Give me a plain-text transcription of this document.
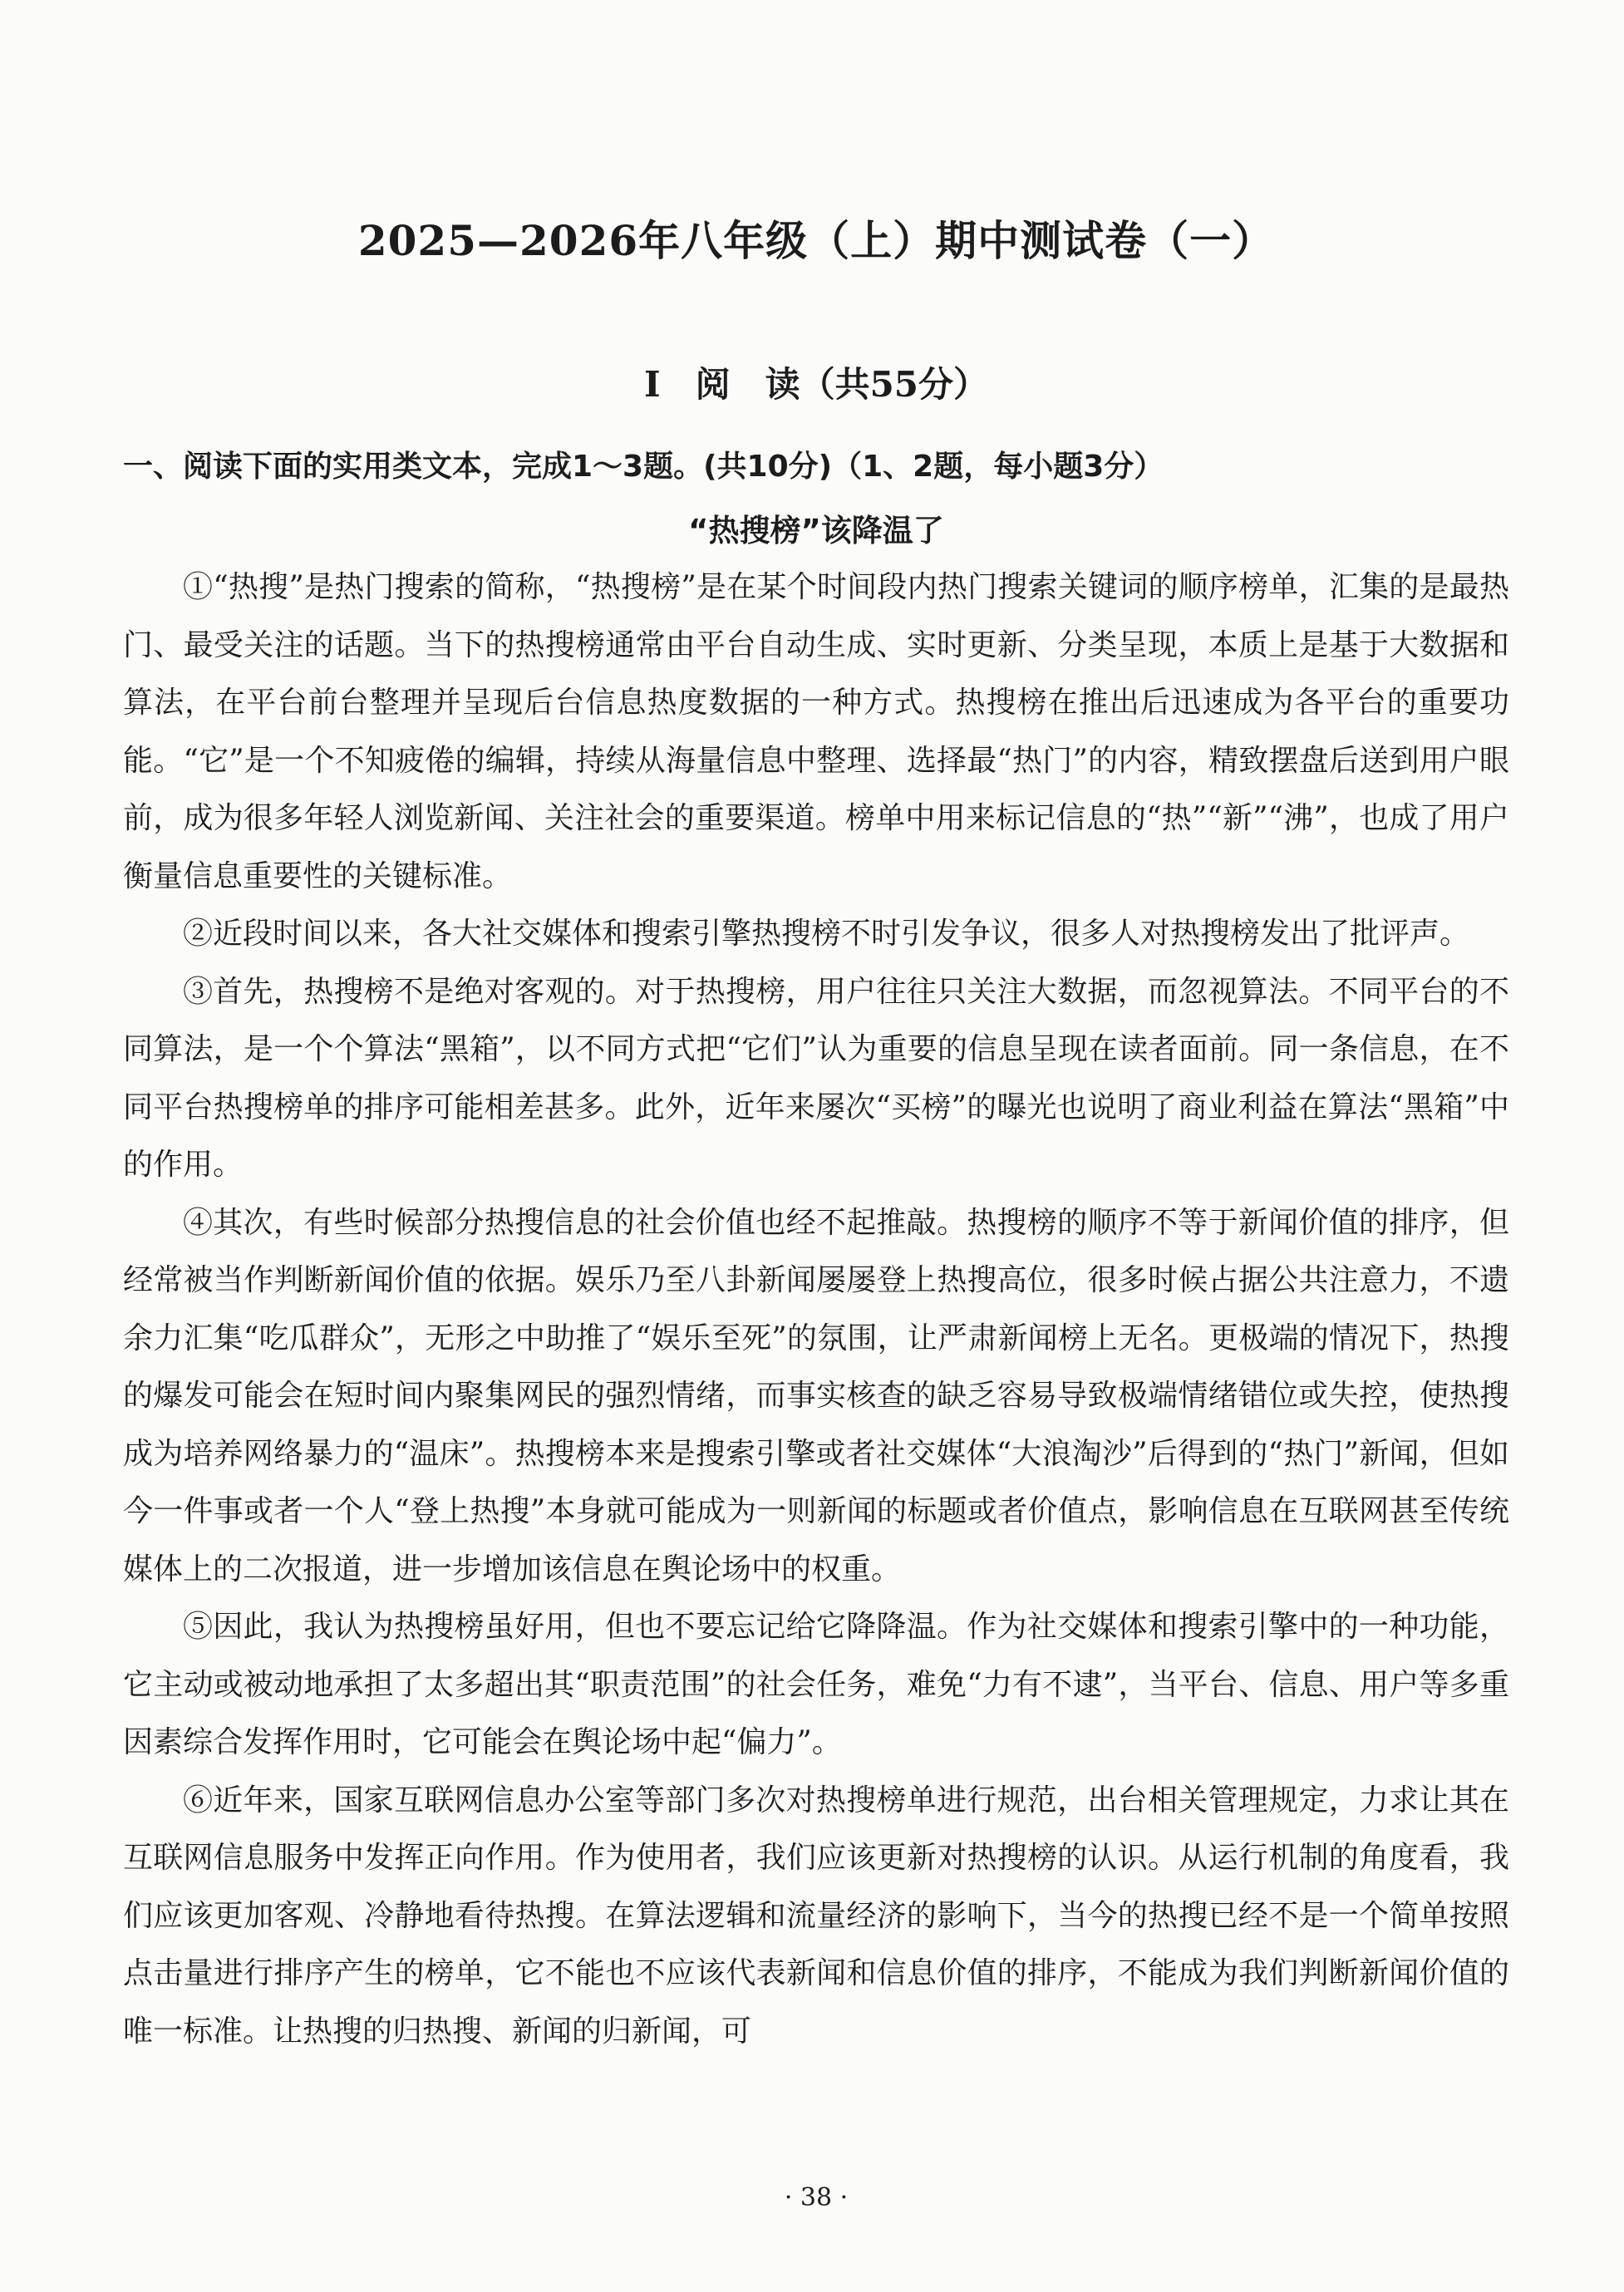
2025—2026年八年级（上）期中测试卷（一）
I　阅　读（共55分）
一、阅读下面的实用类文本，完成1～3题。(共10分)（1、2题，每小题3分）
“热搜榜”该降温了

①“热搜”是热门搜索的简称，“热搜榜”是在某个时间段内热门搜索关键词的顺序榜单，汇集的是最热门、最受关注的话题。当下的热搜榜通常由平台自动生成、实时更新、分类呈现，本质上是基于大数据和算法，在平台前台整理并呈现后台信息热度数据的一种方式。热搜榜在推出后迅速成为各平台的重要功能。“它”是一个不知疲倦的编辑，持续从海量信息中整理、选择最“热门”的内容，精致摆盘后送到用户眼前，成为很多年轻人浏览新闻、关注社会的重要渠道。榜单中用来标记信息的“热”“新”“沸”，也成了用户衡量信息重要性的关键标准。

②近段时间以来，各大社交媒体和搜索引擎热搜榜不时引发争议，很多人对热搜榜发出了批评声。

③首先，热搜榜不是绝对客观的。对于热搜榜，用户往往只关注大数据，而忽视算法。不同平台的不同算法，是一个个算法“黑箱”，以不同方式把“它们”认为重要的信息呈现在读者面前。同一条信息，在不同平台热搜榜单的排序可能相差甚多。此外，近年来屡次“买榜”的曝光也说明了商业利益在算法“黑箱”中的作用。

④其次，有些时候部分热搜信息的社会价值也经不起推敲。热搜榜的顺序不等于新闻价值的排序，但经常被当作判断新闻价值的依据。娱乐乃至八卦新闻屡屡登上热搜高位，很多时候占据公共注意力，不遗余力汇集“吃瓜群众”，无形之中助推了“娱乐至死”的氛围，让严肃新闻榜上无名。更极端的情况下，热搜的爆发可能会在短时间内聚集网民的强烈情绪，而事实核查的缺乏容易导致极端情绪错位或失控，使热搜成为培养网络暴力的“温床”。热搜榜本来是搜索引擎或者社交媒体“大浪淘沙”后得到的“热门”新闻，但如今一件事或者一个人“登上热搜”本身就可能成为一则新闻的标题或者价值点，影响信息在互联网甚至传统媒体上的二次报道，进一步增加该信息在舆论场中的权重。

⑤因此，我认为热搜榜虽好用，但也不要忘记给它降降温。作为社交媒体和搜索引擎中的一种功能，它主动或被动地承担了太多超出其“职责范围”的社会任务，难免“力有不逮”，当平台、信息、用户等多重因素综合发挥作用时，它可能会在舆论场中起“偏力”。

⑥近年来，国家互联网信息办公室等部门多次对热搜榜单进行规范，出台相关管理规定，力求让其在互联网信息服务中发挥正向作用。作为使用者，我们应该更新对热搜榜的认识。从运行机制的角度看，我们应该更加客观、冷静地看待热搜。在算法逻辑和流量经济的影响下，当今的热搜已经不是一个简单按照点击量进行排序产生的榜单，它不能也不应该代表新闻和信息价值的排序，不能成为我们判断新闻价值的唯一标准。让热搜的归热搜、新闻的归新闻，可

· 38 ·
